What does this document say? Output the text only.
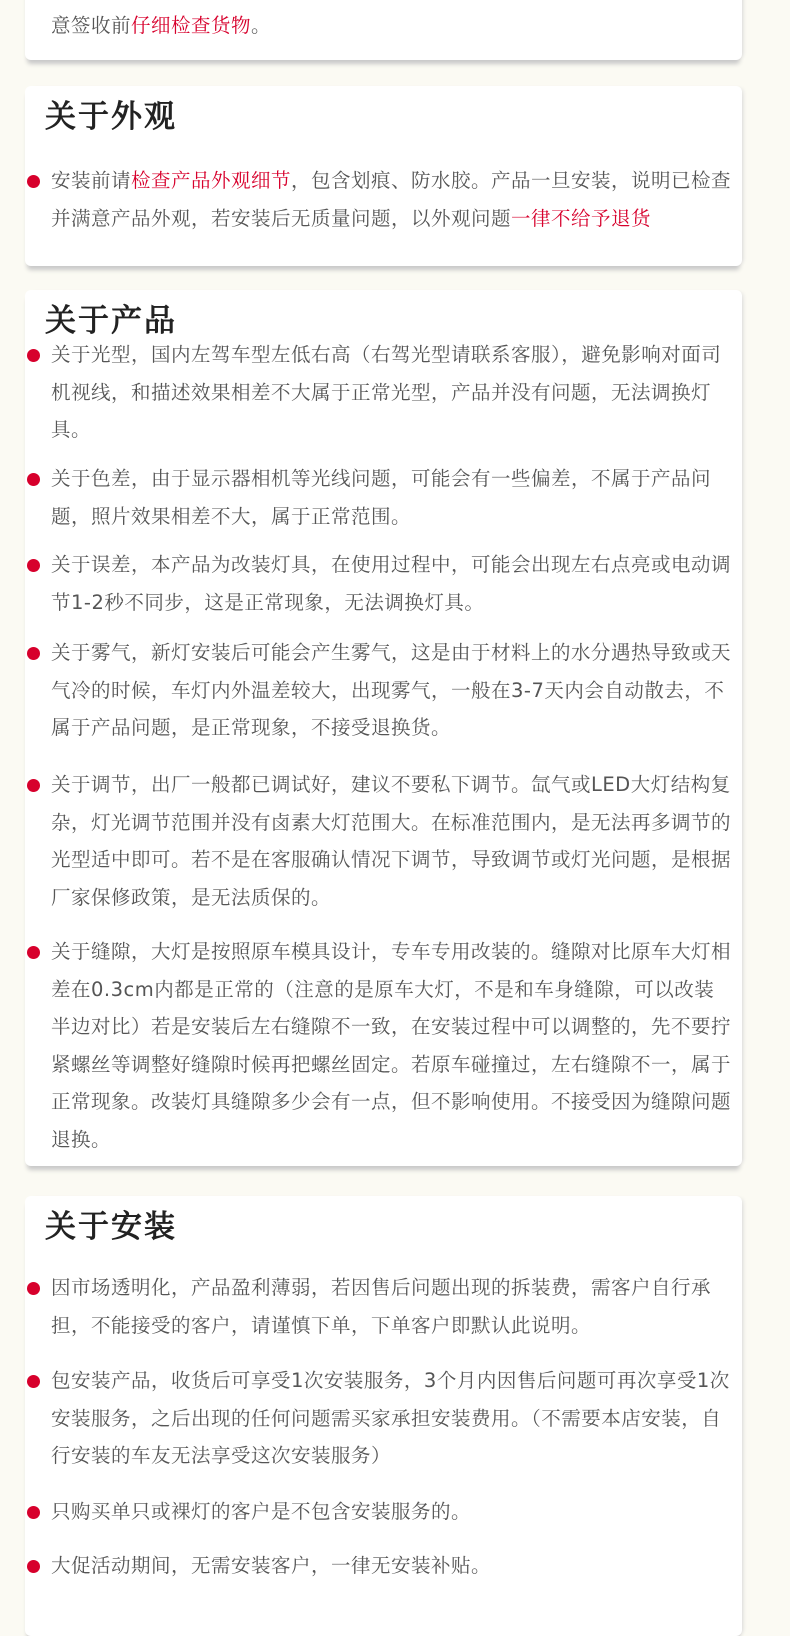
意签收前仔细检查货物。

关于外观

安装前请检查产品外观细节，包含划痕、防水胶。产品一旦安装，说明已检查并满意产品外观，若安装后无质量问题，以外观问题一律不给予退货

关于产品

关于光型，国内左驾车型左低右高（右驾光型请联系客服），避免影响对面司机视线，和描述效果相差不大属于正常光型，产品并没有问题，无法调换灯具。

关于色差，由于显示器相机等光线问题，可能会有一些偏差，不属于产品问题，照片效果相差不大，属于正常范围。

关于误差，本产品为改装灯具，在使用过程中，可能会出现左右点亮或电动调节1-2秒不同步，这是正常现象，无法调换灯具。

关于雾气，新灯安装后可能会产生雾气，这是由于材料上的水分遇热导致或天气冷的时候，车灯内外温差较大，出现雾气，一般在3-7天内会自动散去，不属于产品问题，是正常现象，不接受退换货。

关于调节，出厂一般都已调试好，建议不要私下调节。氙气或LED大灯结构复杂，灯光调节范围并没有卤素大灯范围大。在标准范围内，是无法再多调节的光型适中即可。若不是在客服确认情况下调节，导致调节或灯光问题，是根据厂家保修政策，是无法质保的。

关于缝隙，大灯是按照原车模具设计，专车专用改装的。缝隙对比原车大灯相差在0.3cm内都是正常的（注意的是原车大灯，不是和车身缝隙，可以改装半边对比）若是安装后左右缝隙不一致，在安装过程中可以调整的，先不要拧紧螺丝等调整好缝隙时候再把螺丝固定。若原车碰撞过，左右缝隙不一，属于正常现象。改装灯具缝隙多少会有一点，但不影响使用。不接受因为缝隙问题退换。

关于安装

因市场透明化，产品盈利薄弱，若因售后问题出现的拆装费，需客户自行承担，不能接受的客户，请谨慎下单，下单客户即默认此说明。

包安装产品，收货后可享受1次安装服务，3个月内因售后问题可再次享受1次安装服务，之后出现的任何问题需买家承担安装费用。（不需要本店安装，自行安装的车友无法享受这次安装服务）

只购买单只或裸灯的客户是不包含安装服务的。

大促活动期间，无需安装客户，一律无安装补贴。
